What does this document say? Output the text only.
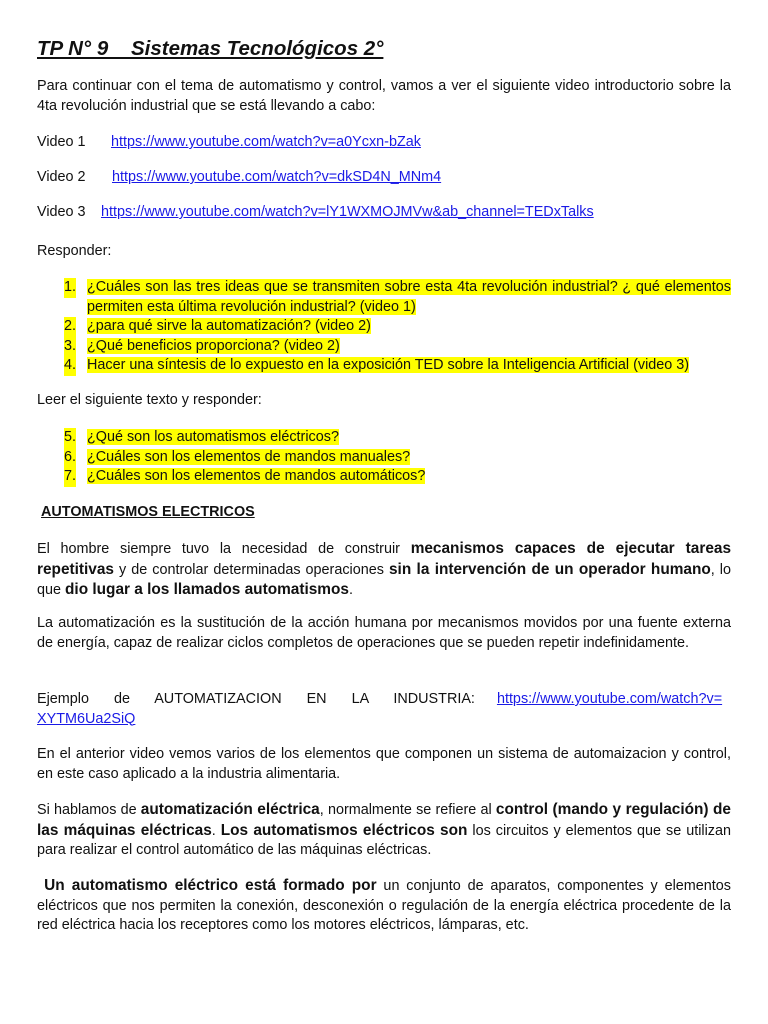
TP N° 9    Sistemas Tecnológicos 2°

Para continuar con el tema de automatismo y control, vamos a ver el siguiente video introductorio sobre la 4ta revolución industrial que se está llevando a cabo:

Video 1 https://www.youtube.com/watch?v=a0Ycxn-bZak
Video 2 https://www.youtube.com/watch?v=dkSD4N_MNm4
Video 3 https://www.youtube.com/watch?v=lY1WXMOJMVw&ab_channel=TEDxTalks
Responder:
1. ¿Cuáles son las tres ideas que se transmiten sobre esta 4ta revolución industrial? ¿ qué elementos permiten esta última revolución industrial? (video 1)
2. ¿para qué sirve la automatización? (video 2)
3. ¿Qué beneficios proporciona? (video 2)
4. Hacer una síntesis de lo expuesto en la exposición TED sobre la Inteligencia Artificial (video 3)
Leer el siguiente texto y responder:
5. ¿Qué son los automatismos eléctricos?
6. ¿Cuáles son los elementos de mandos manuales?
7. ¿Cuáles son los elementos de mandos automáticos?
AUTOMATISMOS ELECTRICOS

El hombre siempre tuvo la necesidad de construir mecanismos capaces de ejecutar tareas repetitivas y de controlar determinadas operaciones sin la intervención de un operador humano, lo que dio lugar a los llamados automatismos.

La automatización es la sustitución de la acción humana por mecanismos movidos por una fuente externa de energía, capaz de realizar ciclos completos de operaciones que se pueden repetir indefinidamente.

Ejemplo de AUTOMATIZACION EN LA INDUSTRIA: https://www.youtube.com/watch?v=XYTM6Ua2SiQ

En el anterior video vemos varios de los elementos que componen un sistema de automaizacion y control, en este caso aplicado a la industria alimentaria.

Si hablamos de automatización eléctrica, normalmente se refiere al control (mando y regulación) de las máquinas eléctricas. Los automatismos eléctricos son los circuitos y elementos que se utilizan para realizar el control automático de las máquinas eléctricas.

Un automatismo eléctrico está formado por un conjunto de aparatos, componentes y elementos eléctricos que nos permiten la conexión, desconexión o regulación de la energía eléctrica procedente de la red eléctrica hacia los receptores como los motores eléctricos, lámparas, etc.
